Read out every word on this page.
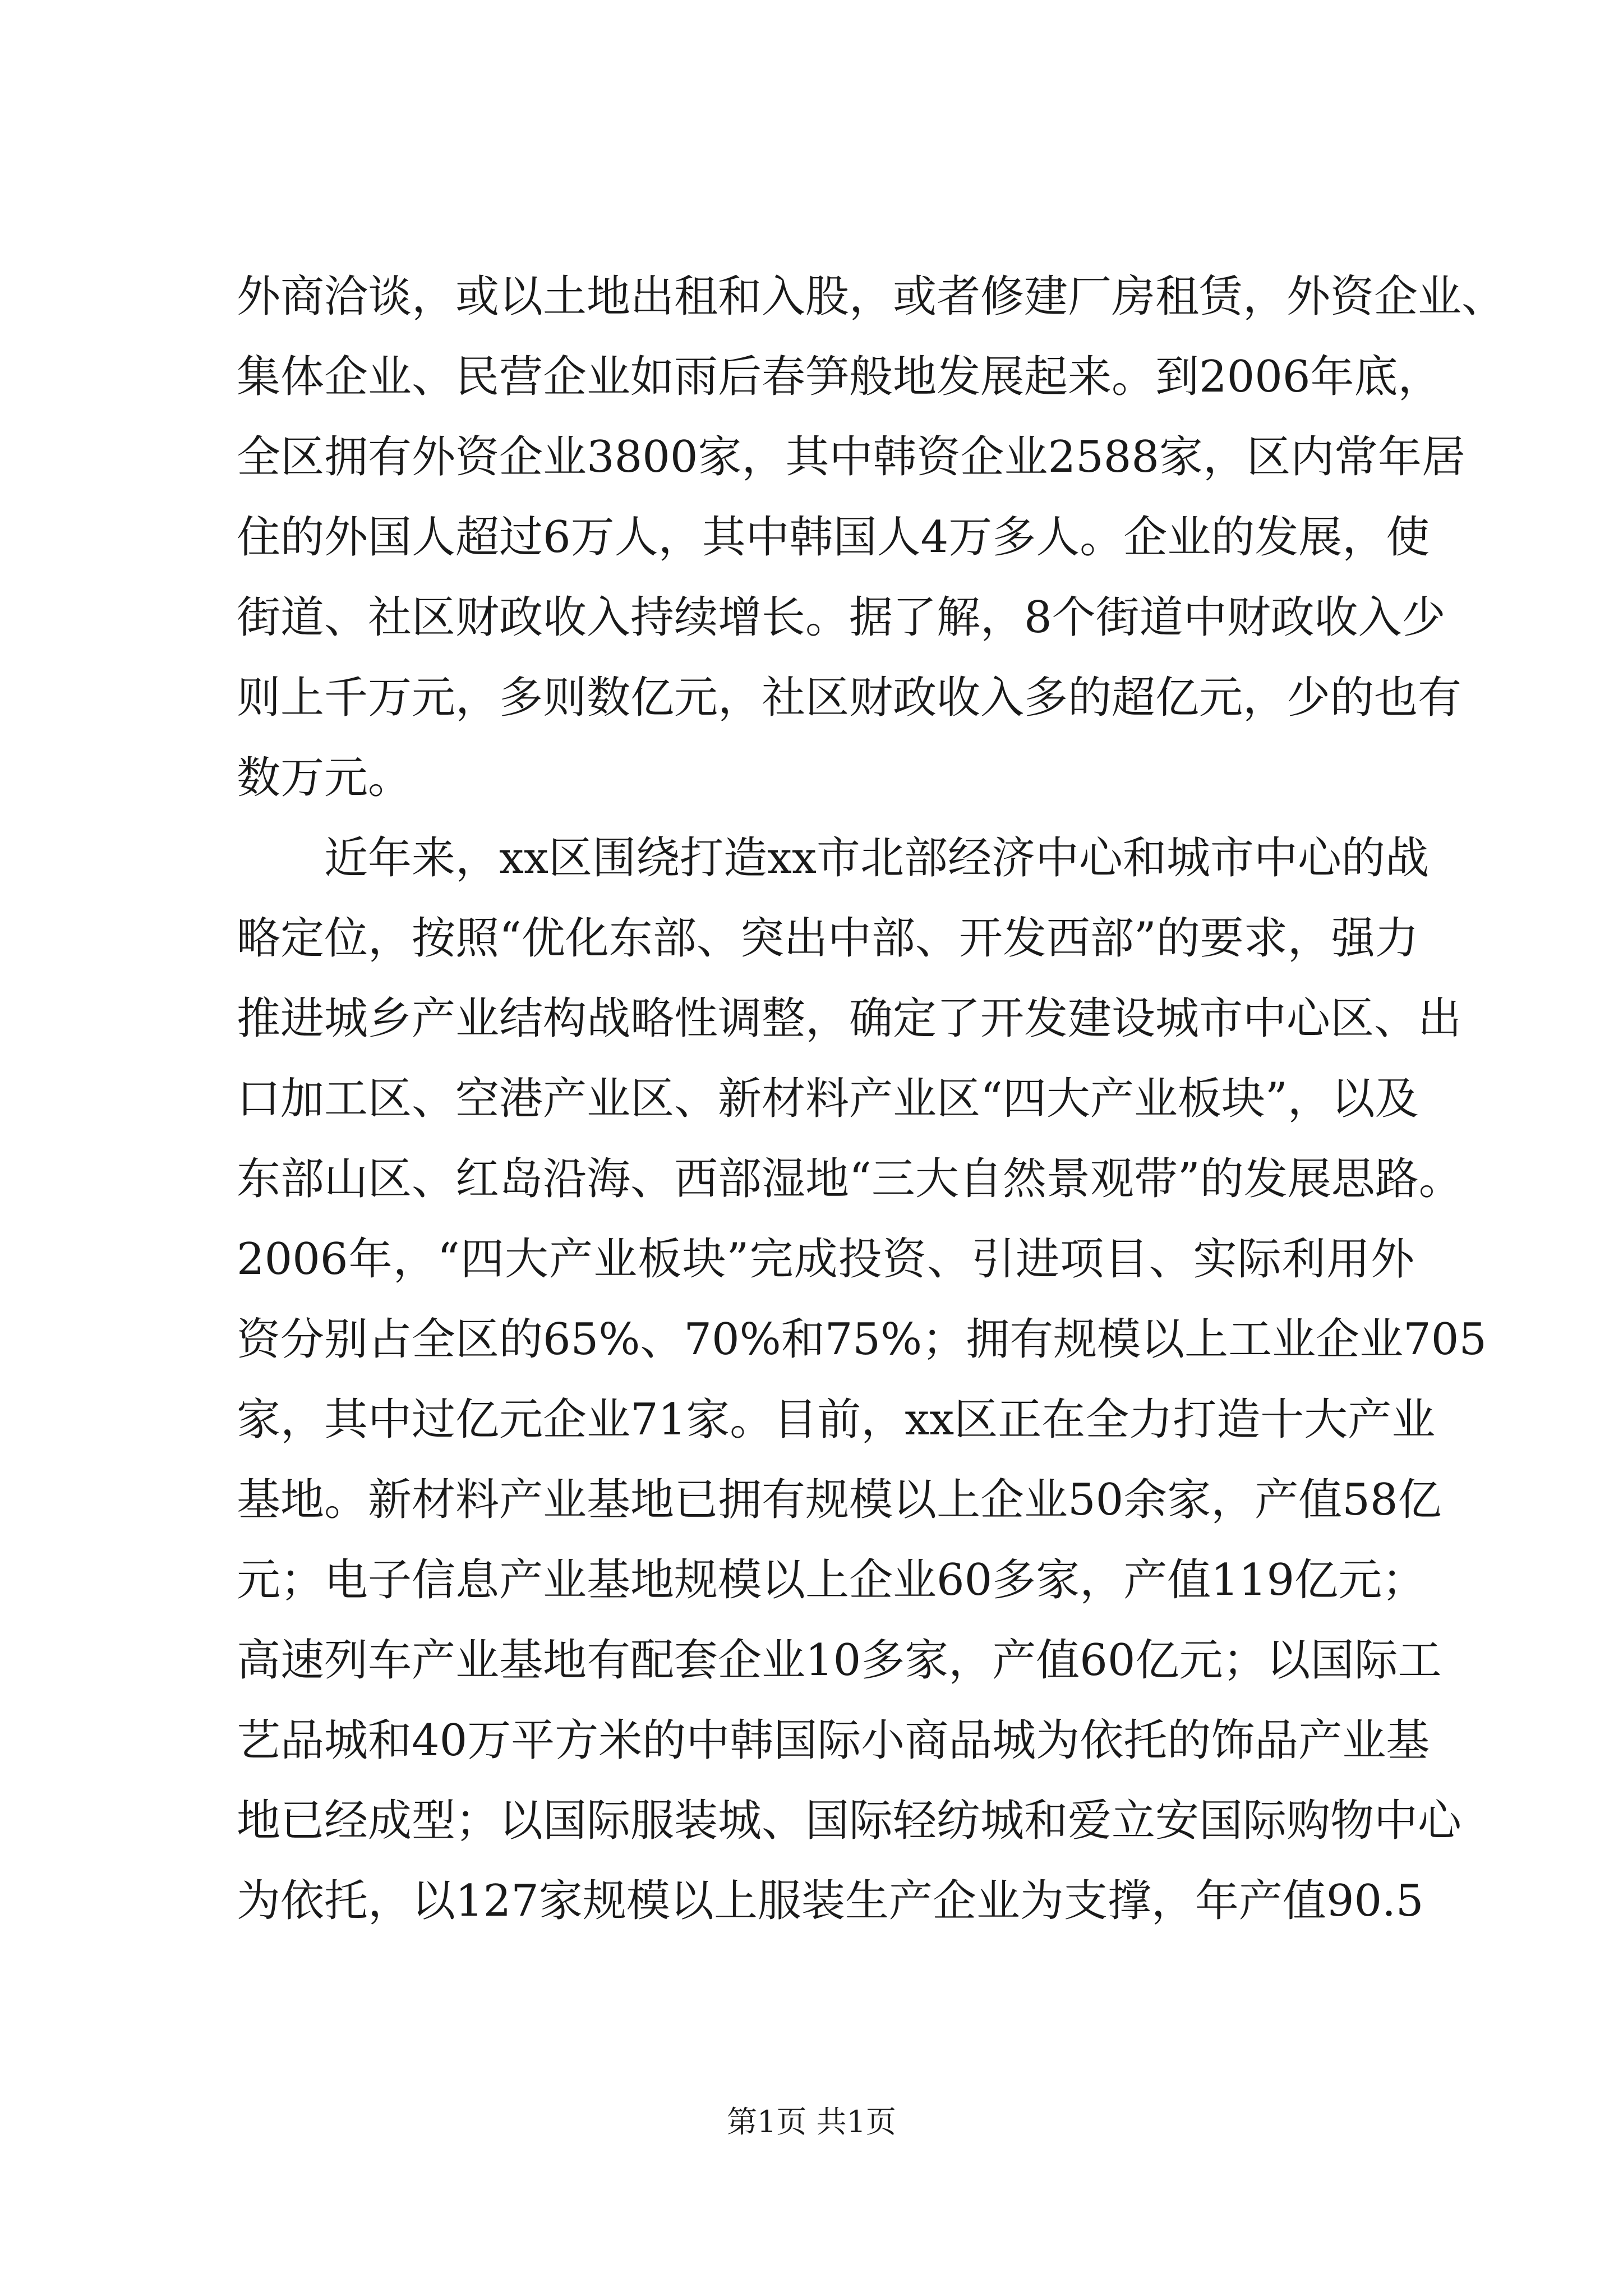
外商洽谈，或以土地出租和入股，或者修建厂房租赁，外资企业、
集体企业、民营企业如雨后春笋般地发展起来。到2006年底，
全区拥有外资企业3800家，其中韩资企业2588家，区内常年居
住的外国人超过6万人，其中韩国人4万多人。企业的发展，使
街道、社区财政收入持续增长。据了解，8个街道中财政收入少
则上千万元，多则数亿元，社区财政收入多的超亿元，少的也有
数万元。
近年来，xx区围绕打造xx市北部经济中心和城市中心的战
略定位，按照“优化东部、突出中部、开发西部”的要求，强力
推进城乡产业结构战略性调整，确定了开发建设城市中心区、出
口加工区、空港产业区、新材料产业区“四大产业板块”，以及
东部山区、红岛沿海、西部湿地“三大自然景观带”的发展思路。
2006年，“四大产业板块”完成投资、引进项目、实际利用外
资分别占全区的65%、70%和75%；拥有规模以上工业企业705
家，其中过亿元企业71家。目前，xx区正在全力打造十大产业
基地。新材料产业基地已拥有规模以上企业50余家，产值58亿
元；电子信息产业基地规模以上企业60多家，产值119亿元；
高速列车产业基地有配套企业10多家，产值60亿元；以国际工
艺品城和40万平方米的中韩国际小商品城为依托的饰品产业基
地已经成型；以国际服装城、国际轻纺城和爱立安国际购物中心
为依托，以127家规模以上服装生产企业为支撑，年产值90.5
第1页 共1页
